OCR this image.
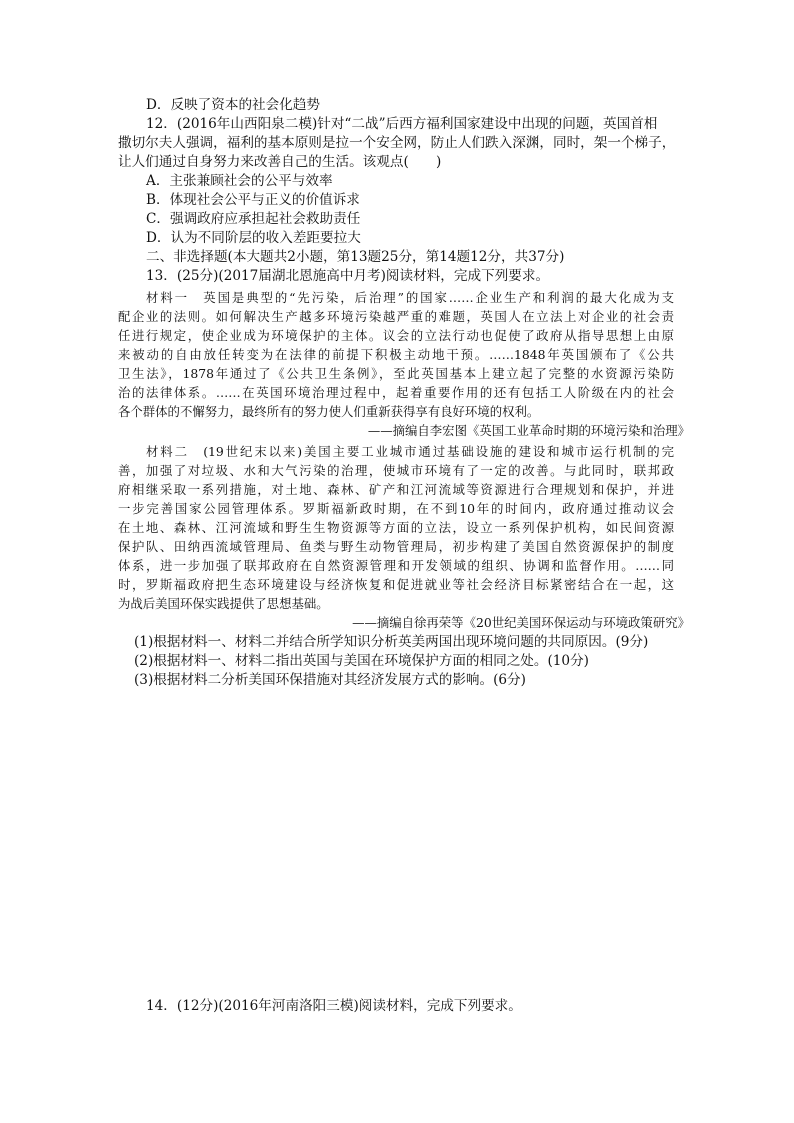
D．反映了资本的社会化趋势
12．(2016年山西阳泉二模)针对“二战”后西方福利国家建设中出现的问题，英国首相
撒切尔夫人强调，福利的基本原则是拉一个安全网，防止人们跌入深渊，同时，架一个梯子，
让人们通过自身努力来改善自己的生活。该观点(　　)
A．主张兼顾社会的公平与效率
B．体现社会公平与正义的价值诉求
C．强调政府应承担起社会救助责任
D．认为不同阶层的收入差距要拉大
二、非选择题(本大题共2小题，第13题25分，第14题12分，共37分)
13．(25分)(2017届湖北恩施高中月考)阅读材料，完成下列要求。
材料一　英国是典型的“先污染，后治理”的国家……企业生产和利润的最大化成为支
配企业的法则。如何解决生产越多环境污染越严重的难题，英国人在立法上对企业的社会责
任进行规定，使企业成为环境保护的主体。议会的立法行动也促使了政府从指导思想上由原
来被动的自由放任转变为在法律的前提下积极主动地干预。……1848年英国颁布了《公共
卫生法》，1878年通过了《公共卫生条例》，至此英国基本上建立起了完整的水资源污染防
治的法律体系。……在英国环境治理过程中，起着重要作用的还有包括工人阶级在内的社会
各个群体的不懈努力，最终所有的努力使人们重新获得享有良好环境的权利。
——摘编自李宏图《英国工业革命时期的环境污染和治理》
材料二　(19世纪末以来)美国主要工业城市通过基础设施的建设和城市运行机制的完
善，加强了对垃圾、水和大气污染的治理，使城市环境有了一定的改善。与此同时，联邦政
府相继采取一系列措施，对土地、森林、矿产和江河流域等资源进行合理规划和保护，并进
一步完善国家公园管理体系。罗斯福新政时期，在不到10年的时间内，政府通过推动议会
在土地、森林、江河流域和野生生物资源等方面的立法，设立一系列保护机构，如民间资源
保护队、田纳西流域管理局、鱼类与野生动物管理局，初步构建了美国自然资源保护的制度
体系，进一步加强了联邦政府在自然资源管理和开发领域的组织、协调和监督作用。……同
时，罗斯福政府把生态环境建设与经济恢复和促进就业等社会经济目标紧密结合在一起，这
为战后美国环保实践提供了思想基础。
——摘编自徐再荣等《20世纪美国环保运动与环境政策研究》
(1)根据材料一、材料二并结合所学知识分析英美两国出现环境问题的共同原因。(9分)
(2)根据材料一、材料二指出英国与美国在环境保护方面的相同之处。(10分)
(3)根据材料二分析美国环保措施对其经济发展方式的影响。(6分)
14．(12分)(2016年河南洛阳三模)阅读材料，完成下列要求。
